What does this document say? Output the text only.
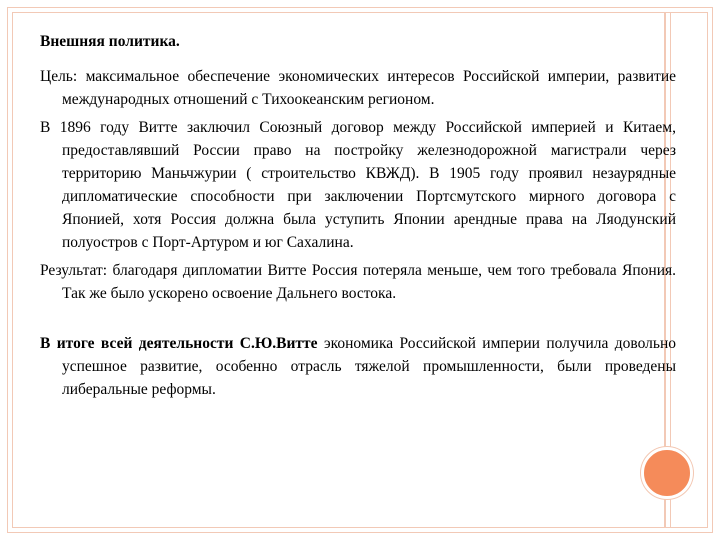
Внешняя политика.

Цель: максимальное обеспечение экономических интересов Российской империи, развитие международных отношений с Тихоокеанским регионом.

В 1896 году Витте заключил Союзный договор между Российской империей и Китаем, предоставлявший России право на постройку железнодорожной магистрали через территорию Маньчжурии ( строительство КВЖД). В 1905 году проявил незаурядные дипломатические способности при заключении Портсмутского мирного договора с Японией, хотя Россия должна была уступить Японии арендные права на Ляодунский полуостров с Порт-Артуром и юг Сахалина.

Результат: благодаря дипломатии Витте Россия потеряла меньше, чем того требовала Япония. Так же было ускорено освоение Дальнего востока.

В итоге всей деятельности С.Ю.Витте экономика Российской империи получила довольно успешное развитие, особенно отрасль тяжелой промышленности, были проведены либеральные реформы.
